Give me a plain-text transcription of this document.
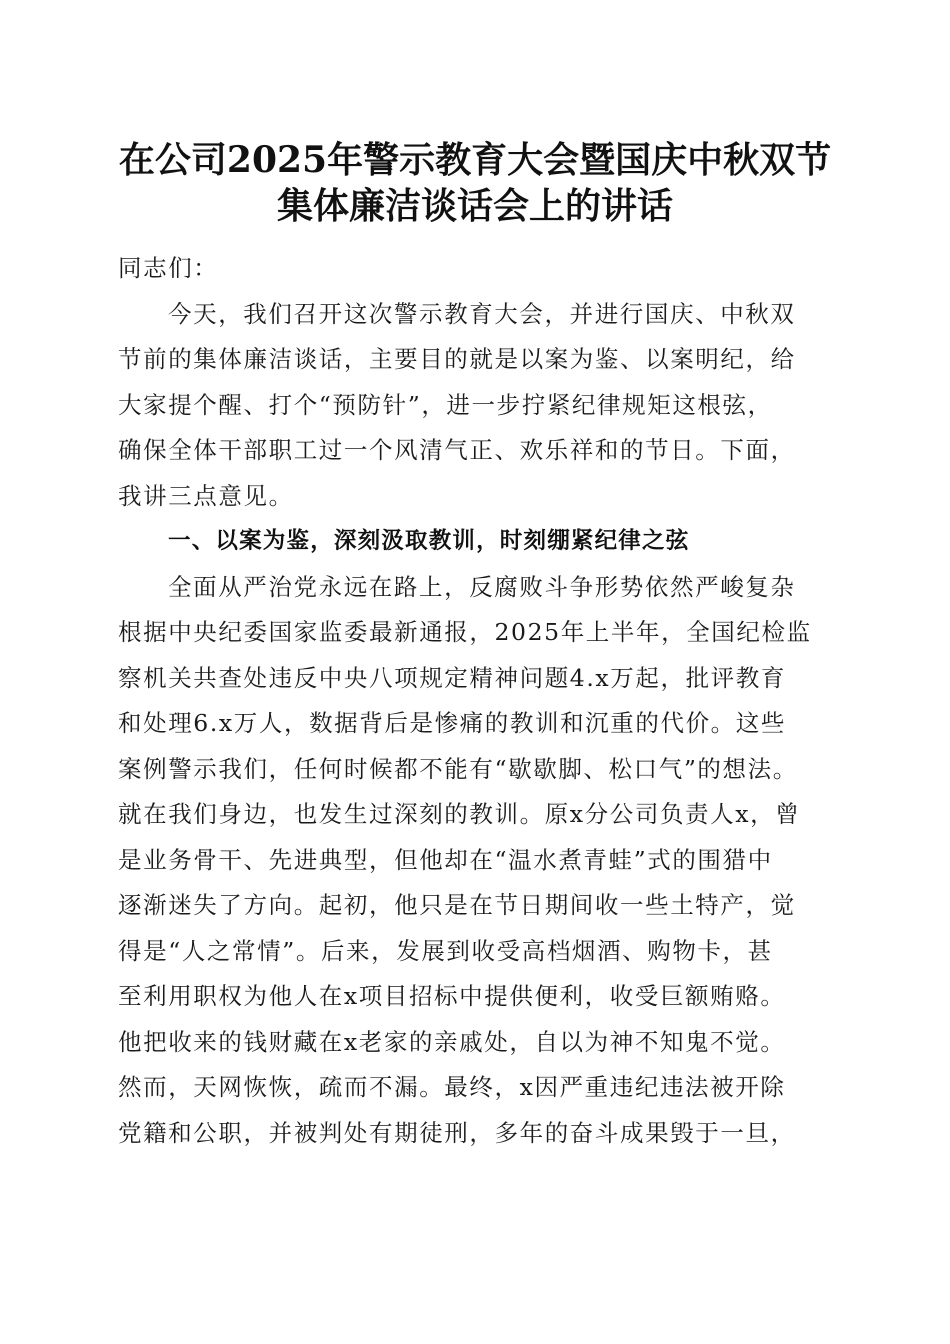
在公司2025年警示教育大会暨国庆中秋双节
集体廉洁谈话会上的讲话
同志们：
今天，我们召开这次警示教育大会，并进行国庆、中秋双
节前的集体廉洁谈话，主要目的就是以案为鉴、以案明纪，给
大家提个醒、打个“预防针”，进一步拧紧纪律规矩这根弦，
确保全体干部职工过一个风清气正、欢乐祥和的节日。下面，
我讲三点意见。
一、以案为鉴，深刻汲取教训，时刻绷紧纪律之弦
全面从严治党永远在路上，反腐败斗争形势依然严峻复杂
根据中央纪委国家监委最新通报，2025年上半年，全国纪检监
察机关共查处违反中央八项规定精神问题4.x万起，批评教育
和处理6.x万人，数据背后是惨痛的教训和沉重的代价。这些
案例警示我们，任何时候都不能有“歇歇脚、松口气”的想法。
就在我们身边，也发生过深刻的教训。原x分公司负责人x，曾
是业务骨干、先进典型，但他却在“温水煮青蛙”式的围猎中
逐渐迷失了方向。起初，他只是在节日期间收一些土特产，觉
得是“人之常情”。后来，发展到收受高档烟酒、购物卡，甚
至利用职权为他人在x项目招标中提供便利，收受巨额贿赂。
他把收来的钱财藏在x老家的亲戚处，自以为神不知鬼不觉。
然而，天网恢恢，疏而不漏。最终，x因严重违纪违法被开除
党籍和公职，并被判处有期徒刑，多年的奋斗成果毁于一旦，
